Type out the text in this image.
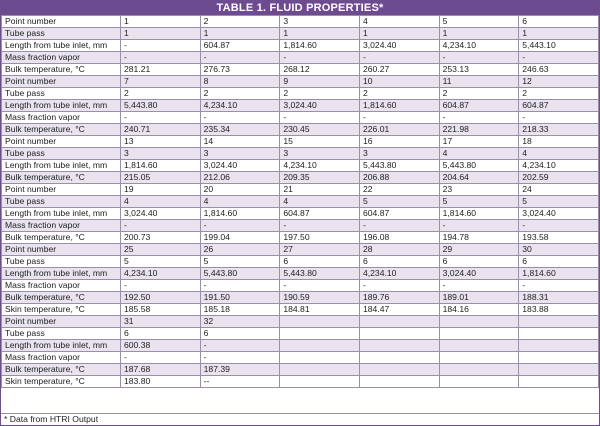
TABLE 1. FLUID PROPERTIES*
Point number	1	2	3	4	5	6
Tube pass	1	1	1	1	1	1
Length from tube inlet, mm	-	604.87	1,814.60	3,024.40	4,234.10	5,443.10
Mass fraction vapor	-	-	-	-	-	-
Bulk temperature, °C	281.21	276.73	268.12	260.27	253.13	246.63
Point number	7	8	9	10	11	12
Tube pass	2	2	2	2	2	2
Length from tube inlet, mm	5,443.80	4,234.10	3,024.40	1,814.60	604.87	604.87
Mass fraction vapor	-	-	-	-	-	-
Bulk temperature, °C	240.71	235.34	230.45	226.01	221.98	218.33
Point number	13	14	15	16	17	18
Tube pass	3	3	3	3	4	4
Length from tube inlet, mm	1,814.60	3,024.40	4,234.10	5,443.80	5,443.80	4,234.10
Bulk temperature, °C	215.05	212.06	209.35	206.88	204.64	202.59
Point number	19	20	21	22	23	24
Tube pass	4	4	4	5	5	5
Length from tube inlet, mm	3,024.40	1,814.60	604.87	604.87	1,814.60	3,024.40
Mass fraction vapor	-	-	-	-	-	-
Bulk temperature, °C	200.73	199.04	197.50	196.08	194.78	193.58
Point number	25	26	27	28	29	30
Tube pass	5	5	6	6	6	6
Length from tube inlet, mm	4,234.10	5,443.80	5,443.80	4,234.10	3,024.40	1,814.60
Mass fraction vapor	-	-	-	-	-	-
Bulk temperature, °C	192.50	191.50	190.59	189.76	189.01	188.31
Skin temperature, °C	185.58	185.18	184.81	184.47	184.16	183.88
Point number	31	32				
Tube pass	6	6				
Length from tube inlet, mm	600.38	-				
Mass fraction vapor	-	-				
Bulk temperature, °C	187.68	187.39				
Skin temperature, °C	183.80	--				
* Data from HTRI Output
